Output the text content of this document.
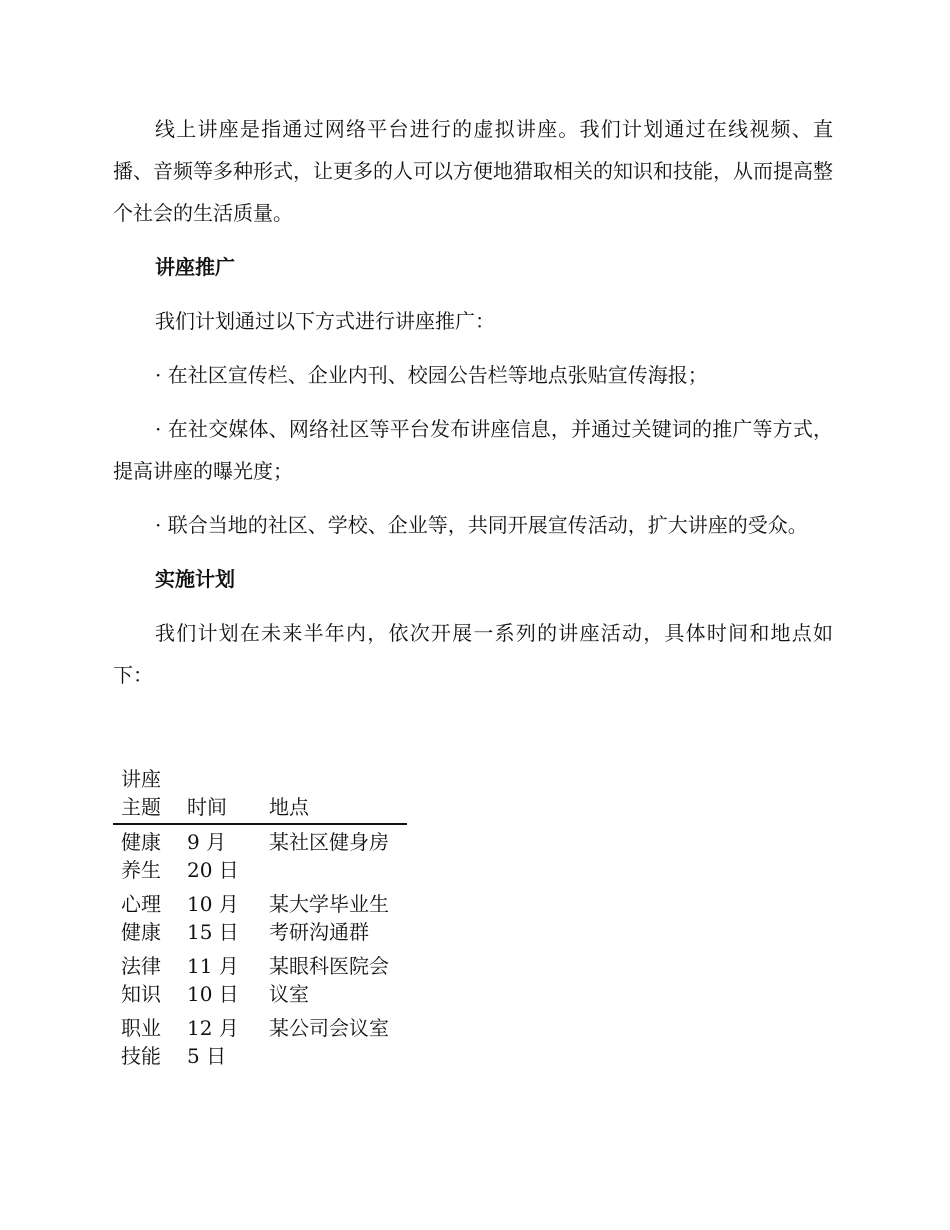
线上讲座是指通过网络平台进行的虚拟讲座。我们计划通过在线视频、直播、音频等多种形式，让更多的人可以方便地猎取相关的知识和技能，从而提高整个社会的生活质量。

讲座推广

我们计划通过以下方式进行讲座推广：

· 在社区宣传栏、企业内刊、校园公告栏等地点张贴宣传海报；

· 在社交媒体、网络社区等平台发布讲座信息，并通过关键词的推广等方式，提高讲座的曝光度；

· 联合当地的社区、学校、企业等，共同开展宣传活动，扩大讲座的受众。

实施计划

我们计划在未来半年内，依次开展一系列的讲座活动，具体时间和地点如下：

讲座主题	时间	地点
健康养生	9 月 20 日	某社区健身房
心理健康	10 月 15 日	某大学毕业生考研沟通群
法律知识	11 月 10 日	某眼科医院会议室
职业技能	12 月 5 日	某公司会议室
